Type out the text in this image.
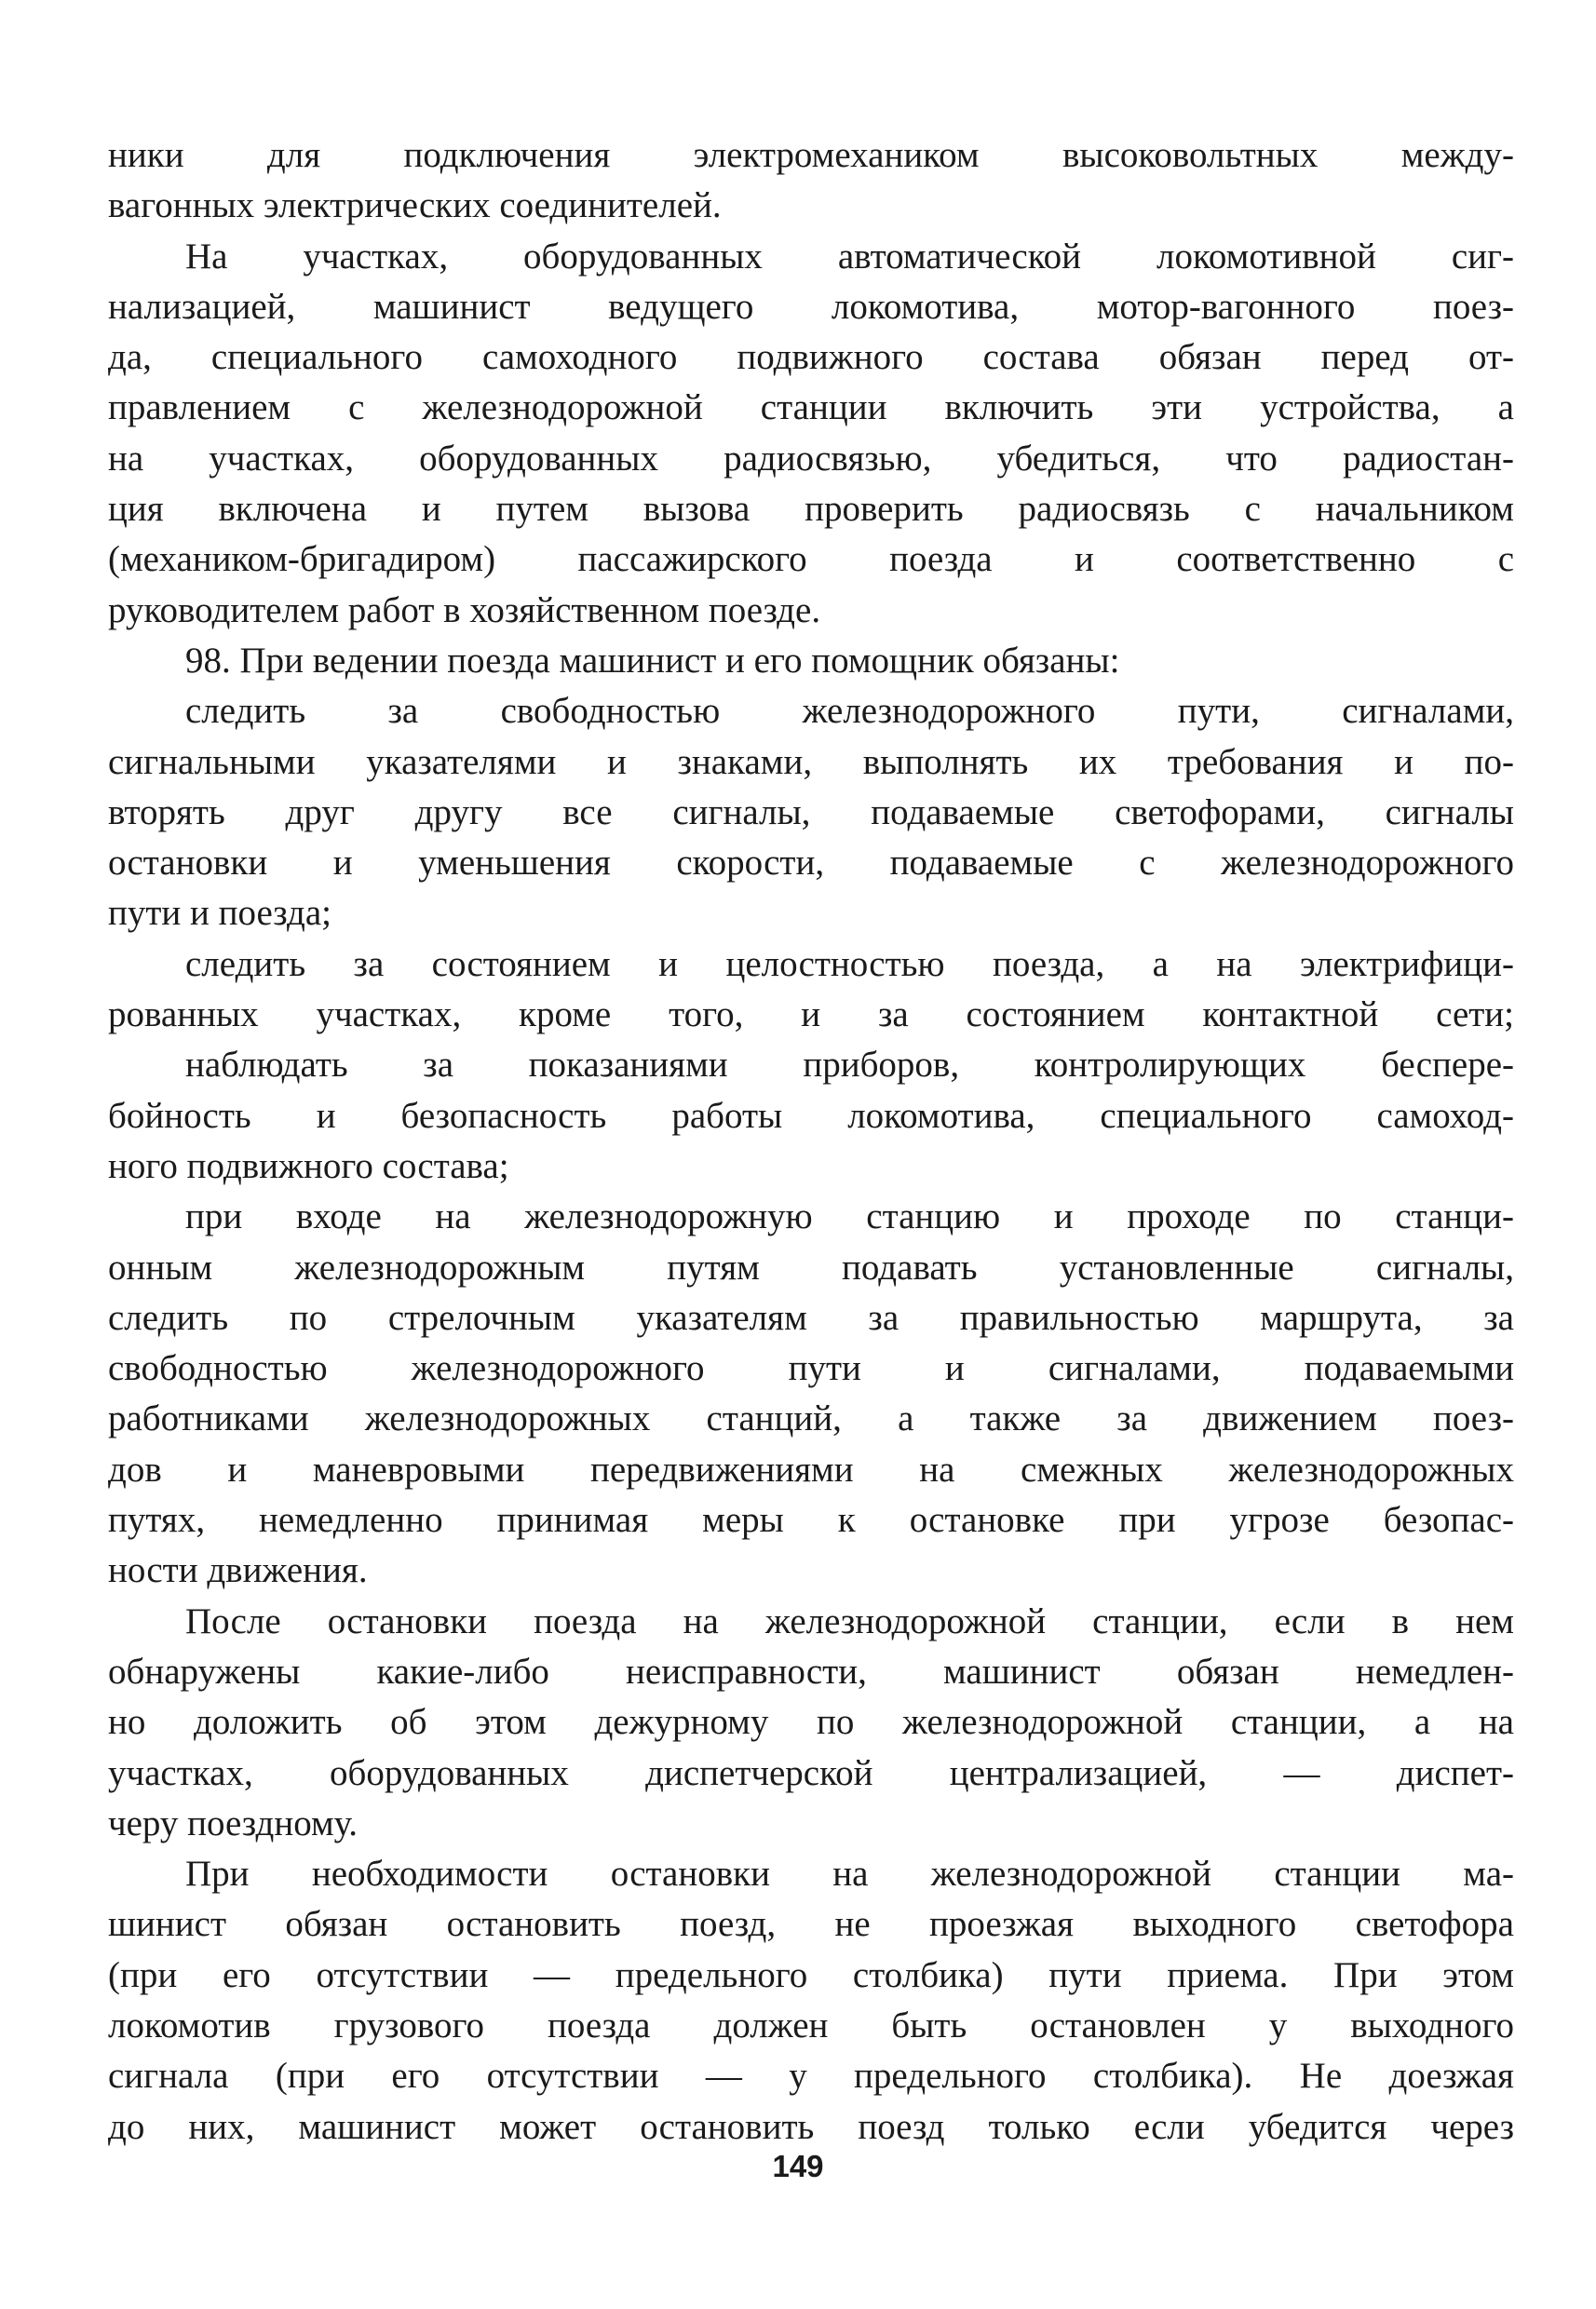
ники для подключения электромехаником высоковольтных между-
вагонных электрических соединителей.
На участках, оборудованных автоматической локомотивной сиг-
нализацией, машинист ведущего локомотива, мотор-вагонного поез-
да, специального самоходного подвижного состава обязан перед от-
правлением с железнодорожной станции включить эти устройства, а
на участках, оборудованных радиосвязью, убедиться, что радиостан-
ция включена и путем вызова проверить радиосвязь с начальником
(механиком-бригадиром) пассажирского поезда и соответственно с
руководителем работ в хозяйственном поезде.
98. При ведении поезда машинист и его помощник обязаны:
следить за свободностью железнодорожного пути, сигналами,
сигнальными указателями и знаками, выполнять их требования и по-
вторять друг другу все сигналы, подаваемые светофорами, сигналы
остановки и уменьшения скорости, подаваемые с железнодорожного
пути и поезда;
следить за состоянием и целостностью поезда, а на электрифици-
рованных участках, кроме того, и за состоянием контактной сети;
наблюдать за показаниями приборов, контролирующих беспере-
бойность и безопасность работы локомотива, специального самоход-
ного подвижного состава;
при входе на железнодорожную станцию и проходе по станци-
онным железнодорожным путям подавать установленные сигналы,
следить по стрелочным указателям за правильностью маршрута, за
свободностью железнодорожного пути и сигналами, подаваемыми
работниками железнодорожных станций, а также за движением поез-
дов и маневровыми передвижениями на смежных железнодорожных
путях, немедленно принимая меры к остановке при угрозе безопас-
ности движения.
После остановки поезда на железнодорожной станции, если в нем
обнаружены какие-либо неисправности, машинист обязан немедлен-
но доложить об этом дежурному по железнодорожной станции, а на
участках, оборудованных диспетчерской централизацией, — диспет-
черу поездному.
При необходимости остановки на железнодорожной станции ма-
шинист обязан остановить поезд, не проезжая выходного светофора
(при его отсутствии — предельного столбика) пути приема. При этом
локомотив грузового поезда должен быть остановлен у выходного
сигнала (при его отсутствии — у предельного столбика). Не доезжая
до них, машинист может остановить поезд только если убедится через
149
